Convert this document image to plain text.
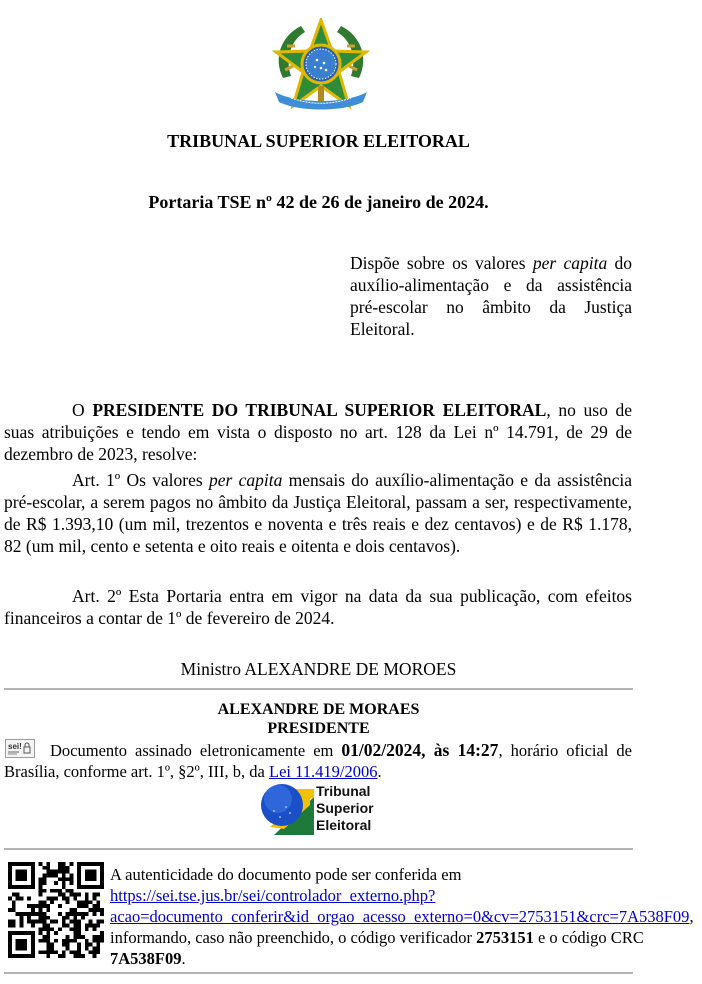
TRIBUNAL SUPERIOR ELEITORAL
Portaria TSE nº 42 de 26 de janeiro de 2024.
Dispõe sobre os valores per capita do auxílio-alimentação e da assistência pré-escolar no âmbito da Justiça Eleitoral.
O PRESIDENTE DO TRIBUNAL SUPERIOR ELEITORAL, no uso de suas atribuições e tendo em vista o disposto no art. 128 da Lei nº 14.791, de 29 de dezembro de 2023, resolve:
Art. 1º Os valores per capita mensais do auxílio-alimentação e da assistência pré-escolar, a serem pagos no âmbito da Justiça Eleitoral, passam a ser, respectivamente, de R$ 1.393,10 (um mil, trezentos e noventa e três reais e dez centavos) e de R$ 1.178, 82 (um mil, cento e setenta e oito reais e oitenta e dois centavos).
Art. 2º Esta Portaria entra em vigor na data da sua publicação, com efeitos financeiros a contar de 1º de fevereiro de 2024.
Ministro ALEXANDRE DE MOROES
ALEXANDRE DE MORAES
PRESIDENTE
sei!	Documento assinado eletronicamente em 01/02/2024, às 14:27, horário oficial de Brasília, conforme art. 1º, §2º, III, b, da Lei 11.419/2006.
Tribunal
Superior
Eleitoral
A autenticidade do documento pode ser conferida em
https://sei.tse.jus.br/sei/controlador_externo.php?
acao=documento_conferir&id_orgao_acesso_externo=0&cv=2753151&crc=7A538F09, informando, caso não preenchido, o código verificador 2753151 e o código CRC 7A538F09.
